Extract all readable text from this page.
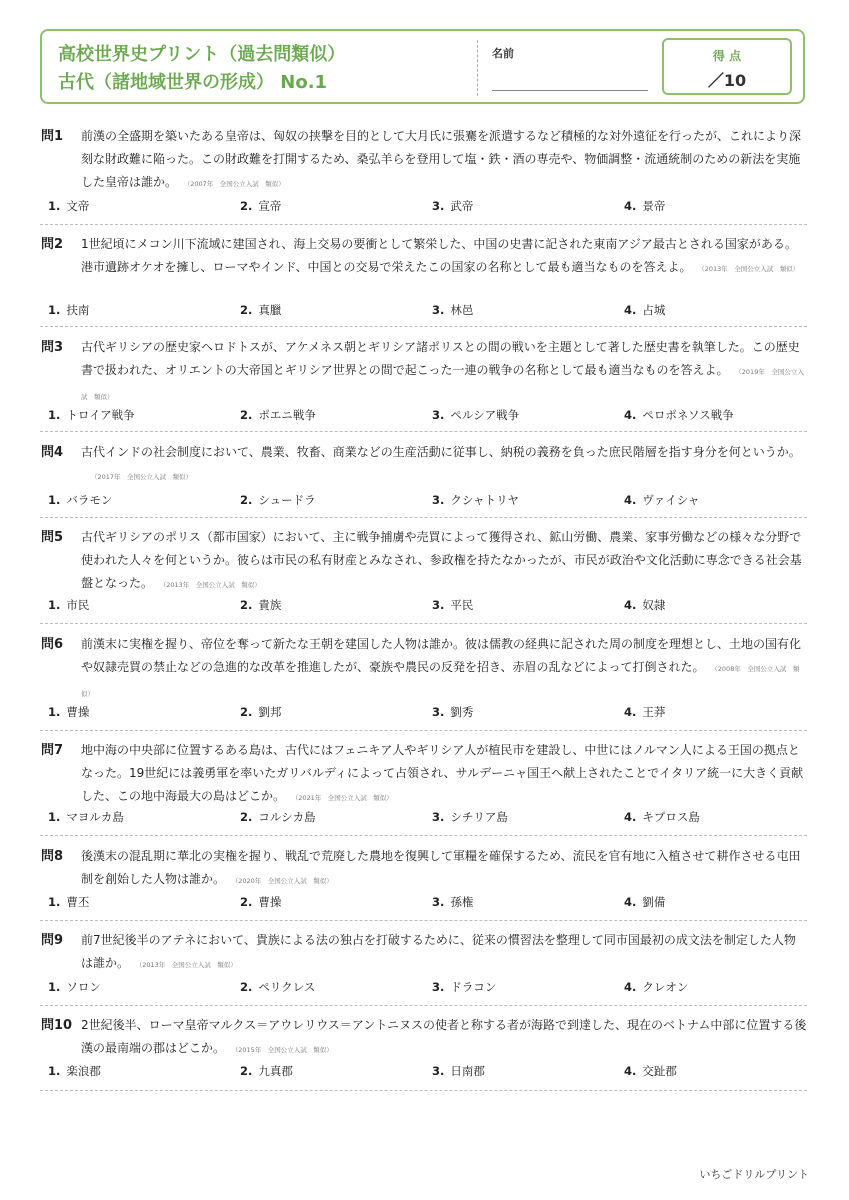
高校世界史プリント（過去問類似）
古代（諸地域世界の形成） No.1
名前	得 点
／10
問1 前漢の全盛期を築いたある皇帝は、匈奴の挟撃を目的として大月氏に張騫を派遣するなど積極的な対外遠征を行ったが、これにより深刻な財政難に陥った。この財政難を打開するため、桑弘羊らを登用して塩・鉄・酒の専売や、物価調整・流通統制のための新法を実施した皇帝は誰か。 （2007年　全国公立入試　類似）
1. 文帝	2. 宣帝	3. 武帝	4. 景帝
問2 1世紀頃にメコン川下流域に建国され、海上交易の要衝として繁栄した、中国の史書に記された東南アジア最古とされる国家がある。港市遺跡オケオを擁し、ローマやインド、中国との交易で栄えたこの国家の名称として最も適当なものを答えよ。 （2013年　全国公立入試　類似）
1. 扶南	2. 真臘	3. 林邑	4. 占城
問3 古代ギリシアの歴史家ヘロドトスが、アケメネス朝とギリシア諸ポリスとの間の戦いを主題として著した歴史書を執筆した。この歴史書で扱われた、オリエントの大帝国とギリシア世界との間で起こった一連の戦争の名称として最も適当なものを答えよ。 （2019年　全国公立入試　類似）
1. トロイア戦争	2. ポエニ戦争	3. ペルシア戦争	4. ペロポネソス戦争
問4 古代インドの社会制度において、農業、牧畜、商業などの生産活動に従事し、納税の義務を負った庶民階層を指す身分を何というか。（2017年　全国公立入試　類似）
1. バラモン	2. シュードラ	3. クシャトリヤ	4. ヴァイシャ
問5 古代ギリシアのポリス（都市国家）において、主に戦争捕虜や売買によって獲得され、鉱山労働、農業、家事労働などの様々な分野で使われた人々を何というか。彼らは市民の私有財産とみなされ、参政権を持たなかったが、市民が政治や文化活動に専念できる社会基盤となった。 （2013年　全国公立入試　類似）
1. 市民	2. 貴族	3. 平民	4. 奴隷
問6 前漢末に実権を握り、帝位を奪って新たな王朝を建国した人物は誰か。彼は儒教の経典に記された周の制度を理想とし、土地の国有化や奴隷売買の禁止などの急進的な改革を推進したが、豪族や農民の反発を招き、赤眉の乱などによって打倒された。 （2008年　全国公立入試　類似）
1. 曹操	2. 劉邦	3. 劉秀	4. 王莽
問7 地中海の中央部に位置するある島は、古代にはフェニキア人やギリシア人が植民市を建設し、中世にはノルマン人による王国の拠点となった。19世紀には義勇軍を率いたガリバルディによって占領され、サルデーニャ国王へ献上されたことでイタリア統一に大きく貢献した、この地中海最大の島はどこか。 （2021年　全国公立入試　類似）
1. マヨルカ島	2. コルシカ島	3. シチリア島	4. キプロス島
問8 後漢末の混乱期に華北の実権を握り、戦乱で荒廃した農地を復興して軍糧を確保するため、流民を官有地に入植させて耕作させる屯田制を創始した人物は誰か。 （2020年　全国公立入試　類似）
1. 曹丕	2. 曹操	3. 孫権	4. 劉備
問9 前7世紀後半のアテネにおいて、貴族による法の独占を打破するために、従来の慣習法を整理して同市国最初の成文法を制定した人物は誰か。 （2013年　全国公立入試　類似）
1. ソロン	2. ペリクレス	3. ドラコン	4. クレオン
問10 2世紀後半、ローマ皇帝マルクス＝アウレリウス＝アントニヌスの使者と称する者が海路で到達した、現在のベトナム中部に位置する後漢の最南端の郡はどこか。 （2015年　全国公立入試　類似）
1. 楽浪郡	2. 九真郡	3. 日南郡	4. 交趾郡
いちごドリルプリント
